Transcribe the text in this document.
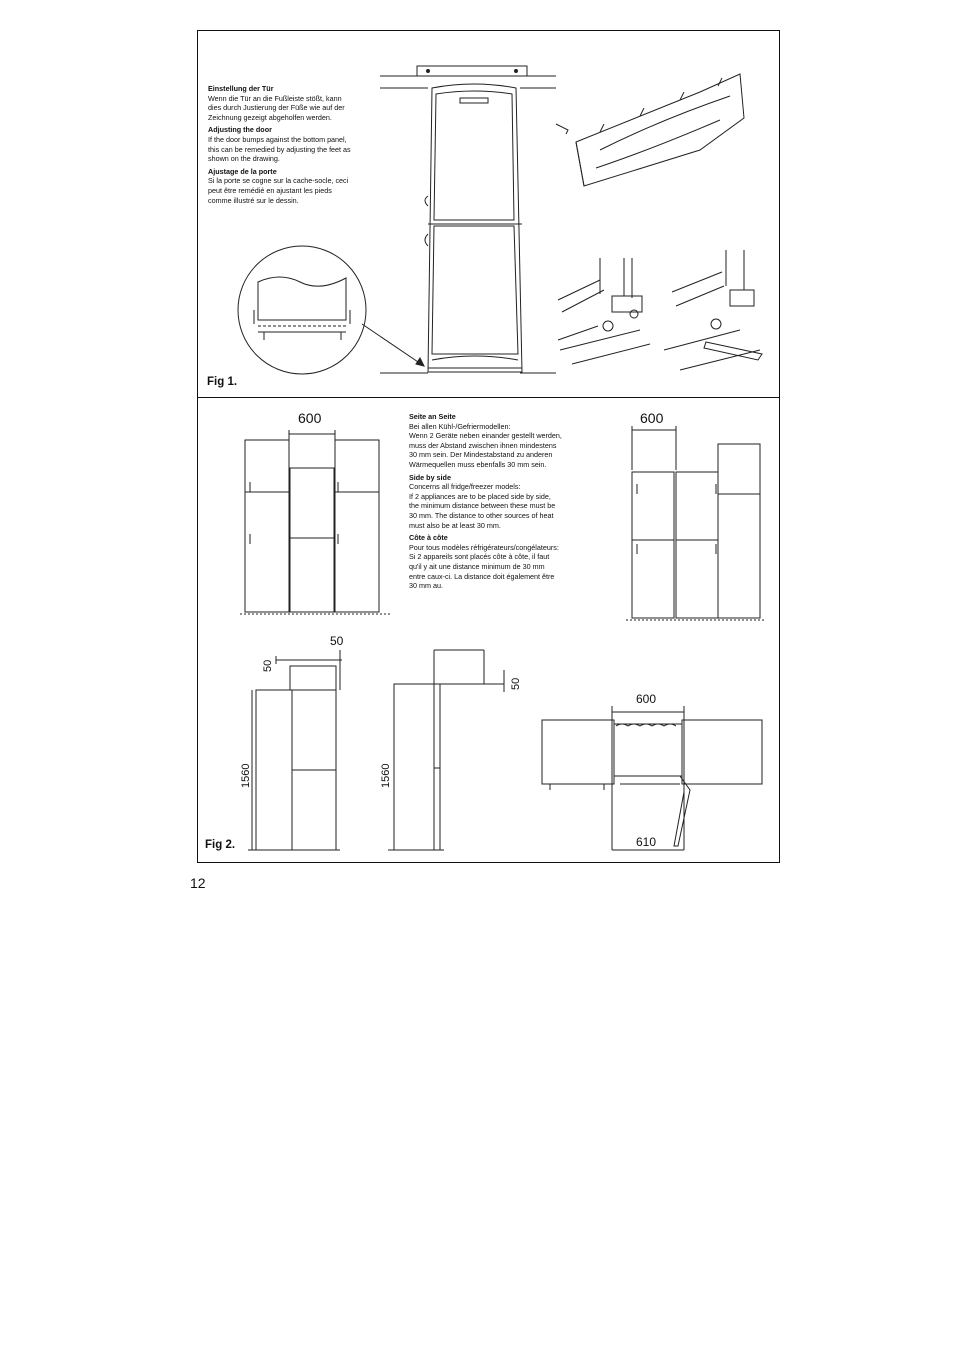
Einstellung der Tür
Wenn die Tür an die Fußleiste stößt, kann
dies durch Justierung der Füße wie auf der
Zeichnung gezeigt abgeholfen werden.
Adjusting the door
If the door bumps against the bottom panel,
this can be remedied by adjusting the feet as
shown on the drawing.
Ajustage de la porte
Si la porte se cogne sur la cache-socle, ceci
peut être remédié en ajustant les pieds
comme illustré sur le dessin.
Fig 1.
Seite an Seite
Bei allen Kühl-/Gefriermodellen:
Wenn 2 Geräte neben einander gestellt werden,
muss der Abstand zwischen ihnen mindestens
30 mm sein. Der Mindestabstand zu anderen
Wärmequellen muss ebenfalls 30 mm sein.
Side by side
Concerns all fridge/freezer models:
If 2 appliances are to be placed side by side,
the minimum distance between these must be
30 mm. The distance to other sources of heat
must also be at least 30 mm.
Côte à côte
Pour tous modèles réfrigérateurs/congélateurs:
Si 2 appareils sont placés côte à côte, il faut
qu'il y ait une distance minimum de 30 mm
entre caux-ci. La distance doit également être
30 mm au.
600	600
50
50
1560	1560
50
600
610
Fig 2.
12
